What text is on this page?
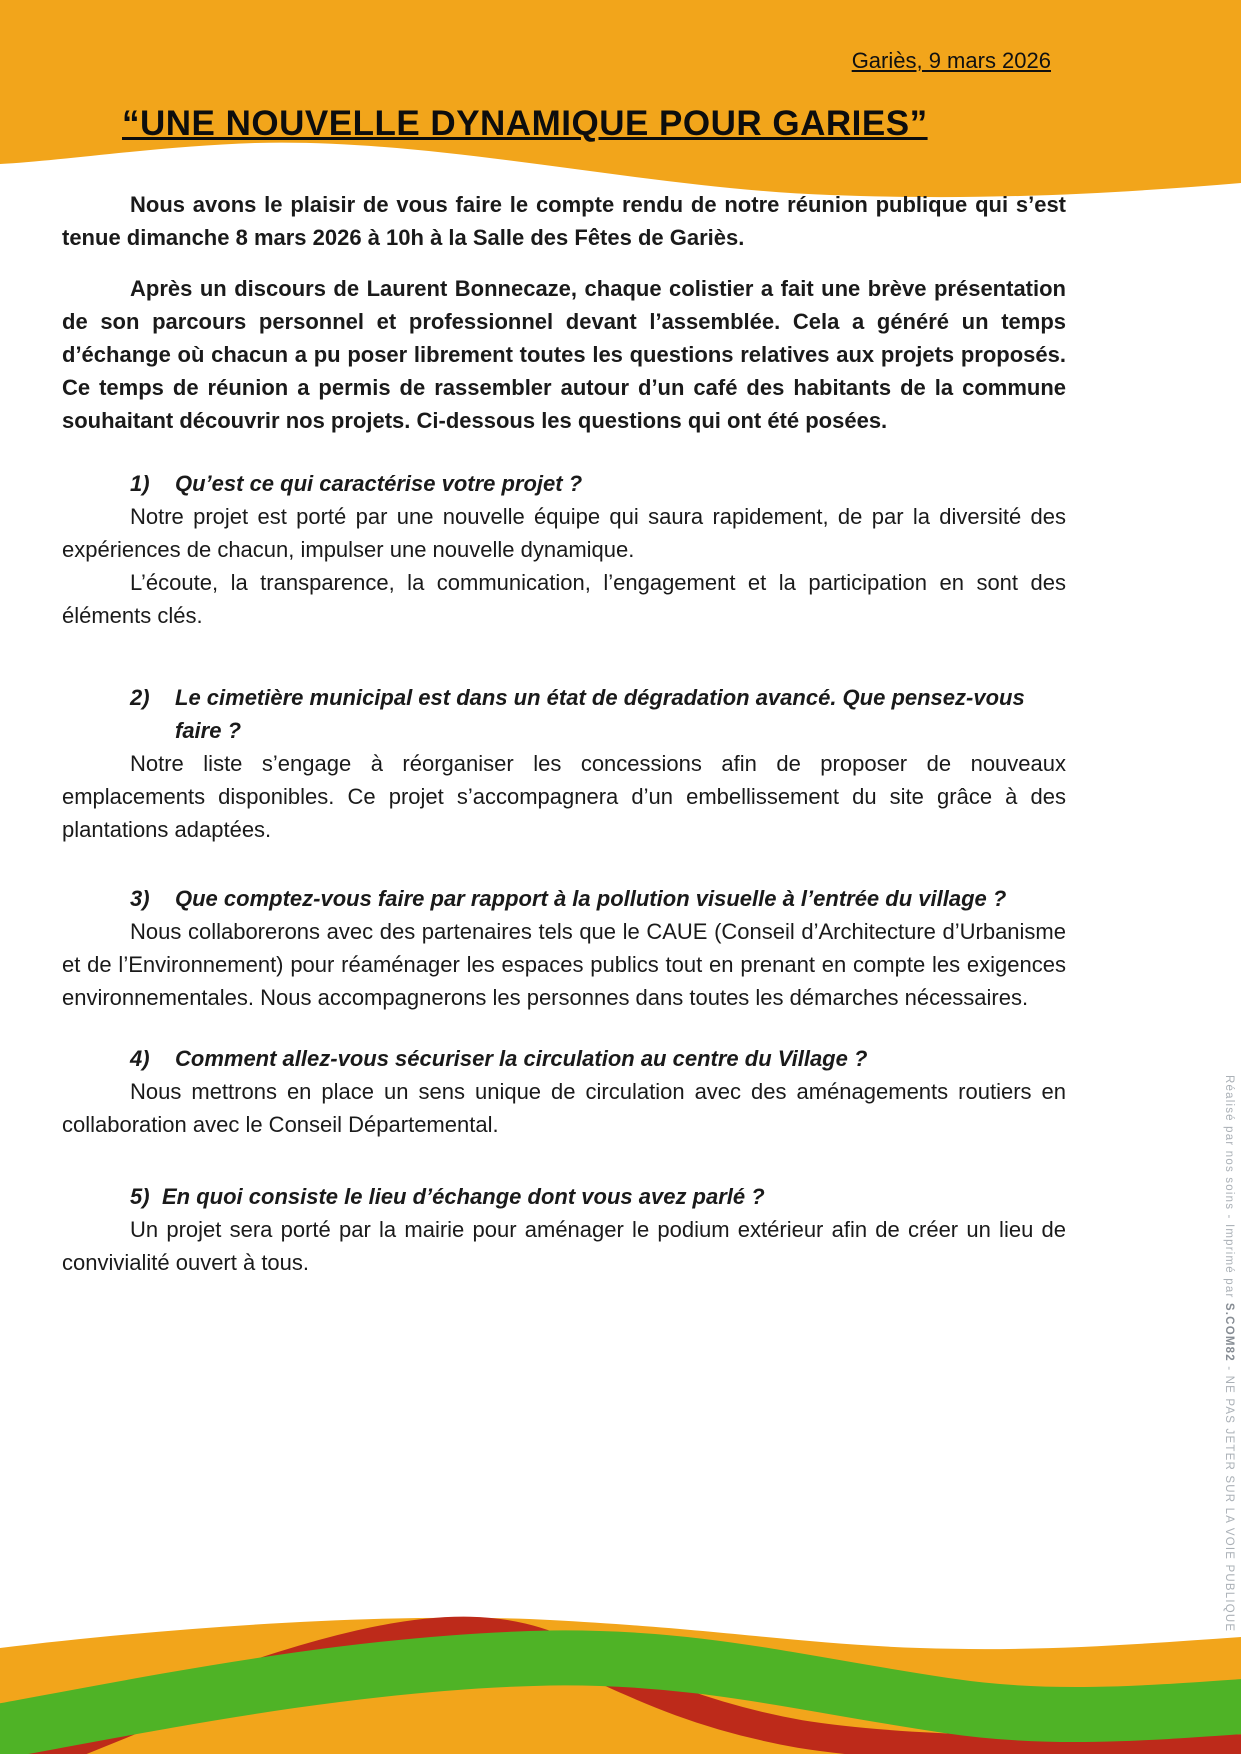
Gariès, 9 mars 2026
“UNE NOUVELLE DYNAMIQUE POUR GARIES”

Nous avons le plaisir de vous faire le compte rendu de notre réunion publique qui s’est tenue dimanche 8 mars 2026 à 10h à la Salle des Fêtes de Gariès.

Après un discours de Laurent Bonnecaze, chaque colistier a fait une brève présentation de son parcours personnel et professionnel devant l’assemblée. Cela a généré un temps d’échange où chacun a pu poser librement toutes les questions relatives aux projets proposés. Ce temps de réunion a permis de rassembler autour d’un café des habitants de la commune souhaitant découvrir nos projets. Ci-dessous les questions qui ont été posées.

1)	Qu’est ce qui caractérise votre projet ?

Notre projet est porté par une nouvelle équipe qui saura rapidement, de par la diversité des expériences de chacun, impulser une nouvelle dynamique.

L’écoute, la transparence, la communication, l’engagement et la participation en sont des éléments clés.

2)	Le cimetière municipal est dans un état de dégradation avancé. Que pensez-vous faire ?

Notre liste s’engage à réorganiser les concessions afin de proposer de nouveaux emplacements disponibles. Ce projet s’accompagnera d’un embellissement du site grâce à des plantations adaptées.

3)	Que comptez-vous faire par rapport à la pollution visuelle à l’entrée du village ?

Nous collaborerons avec des partenaires tels que le CAUE (Conseil d’Architecture d’Urbanisme et de l’Environnement) pour réaménager les espaces publics tout en prenant en compte les exigences environnementales. Nous accompagnerons les personnes dans toutes les démarches nécessaires.

4)	Comment allez-vous sécuriser la circulation au centre du Village ?

Nous mettrons en place un sens unique de circulation avec des aménagements routiers en collaboration avec le Conseil Départemental.

5) En quoi consiste le lieu d’échange dont vous avez parlé ?

Un projet sera porté par la mairie pour aménager le podium extérieur afin de créer un lieu de convivialité ouvert à tous.	Réalisé par nos soins - Imprimé par S.COM82 - NE PAS JETER SUR LA VOIE PUBLIQUE
